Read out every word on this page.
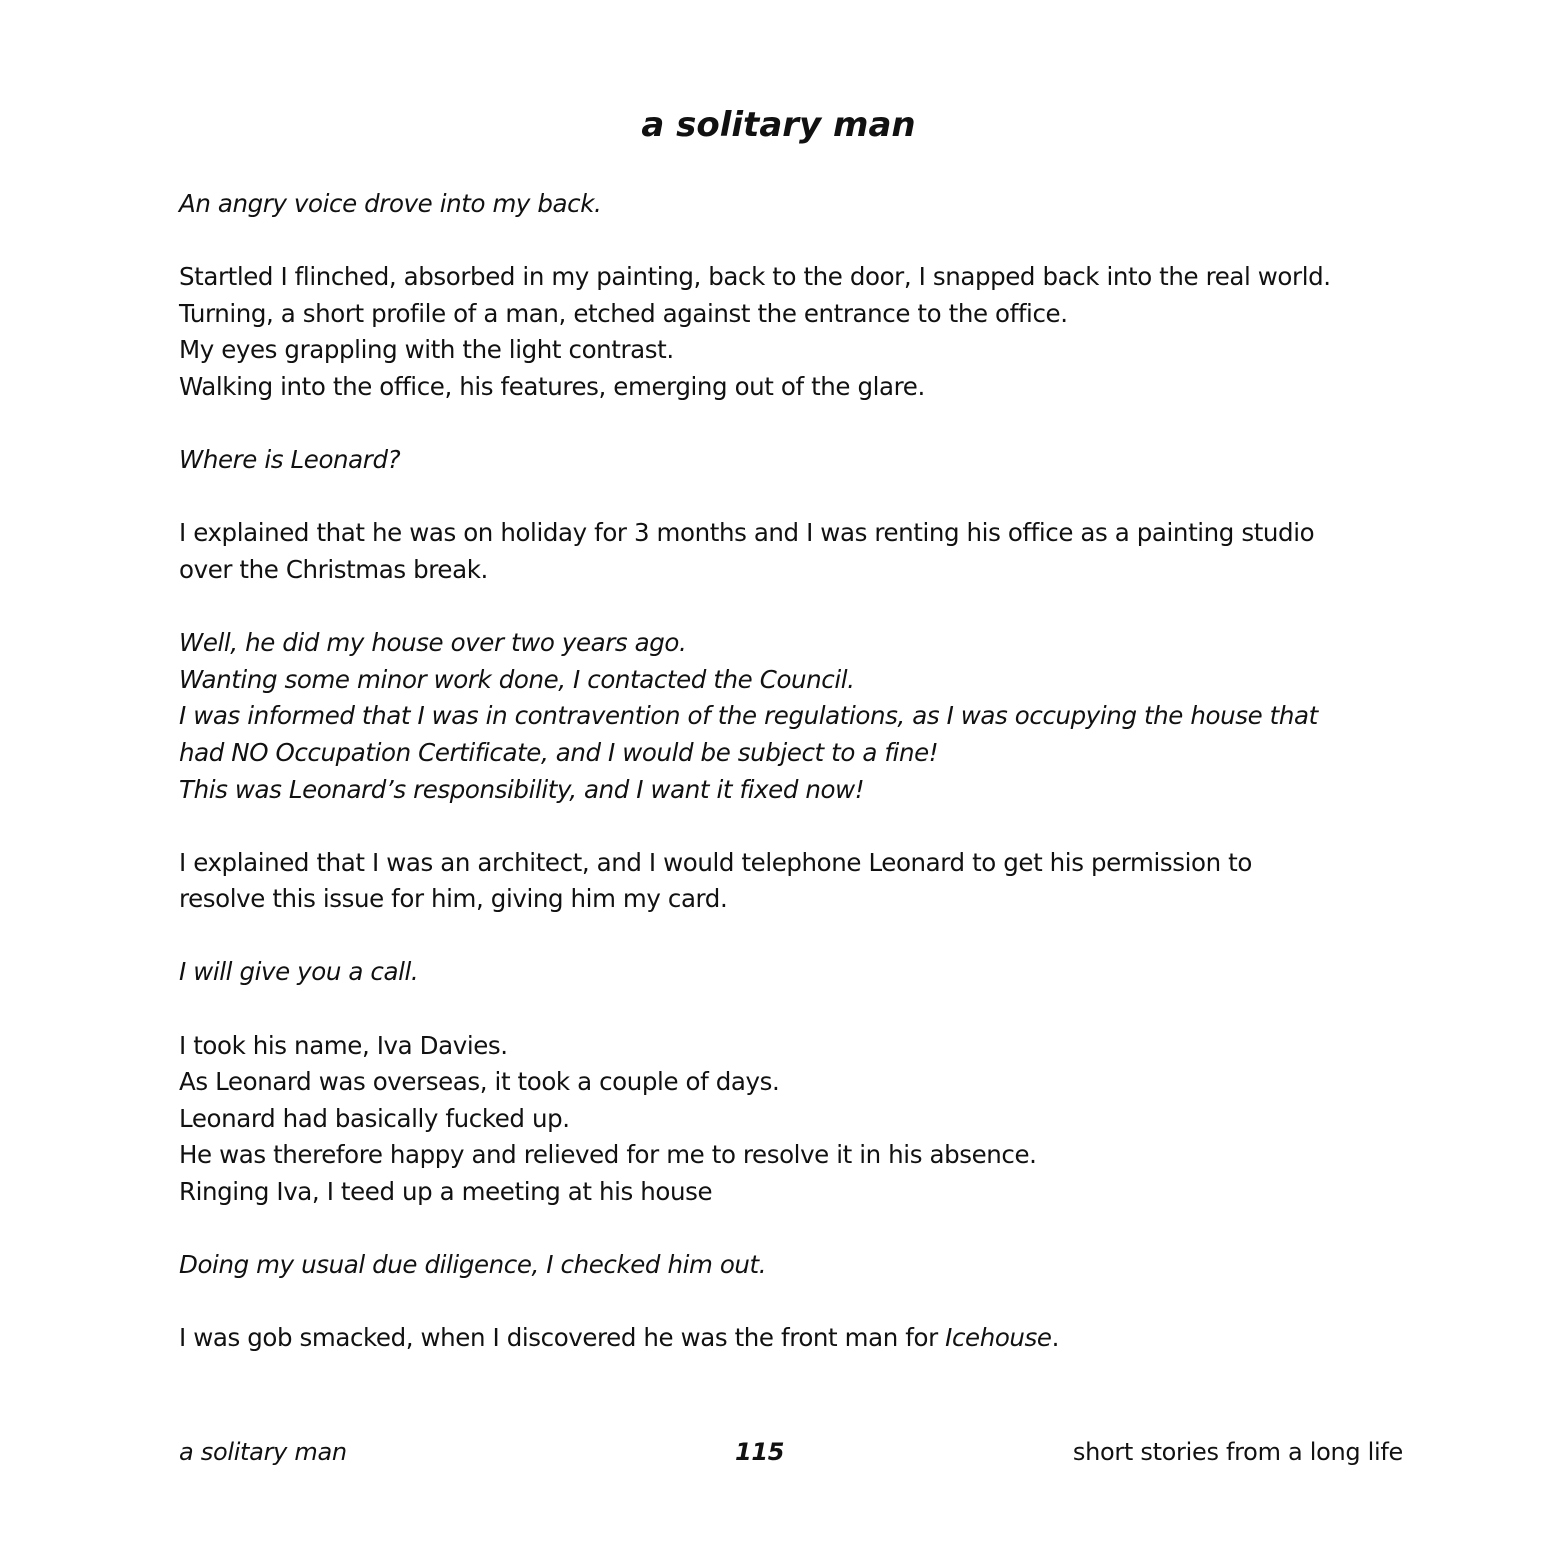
a solitary man

An angry voice drove into my back.

Startled I flinched, absorbed in my painting, back to the door, I snapped back into the real world.
Turning, a short profile of a man, etched against the entrance to the office.
My eyes grappling with the light contrast.
Walking into the office, his features, emerging out of the glare.

Where is Leonard?

I explained that he was on holiday for 3 months and I was renting his office as a painting studio
over the Christmas break.

Well, he did my house over two years ago.
Wanting some minor work done, I contacted the Council.
I was informed that I was in contravention of the regulations, as I was occupying the house that
had NO Occupation Certificate, and I would be subject to a fine!
This was Leonard’s responsibility, and I want it fixed now!

I explained that I was an architect, and I would telephone Leonard to get his permission to
resolve this issue for him, giving him my card.

I will give you a call.

I took his name, Iva Davies.
As Leonard was overseas, it took a couple of days.
Leonard had basically fucked up.
He was therefore happy and relieved for me to resolve it in his absence.
Ringing Iva, I teed up a meeting at his house

Doing my usual due diligence, I checked him out.

I was gob smacked, when I discovered he was the front man for Icehouse.

a solitary man	115	short stories from a long life
